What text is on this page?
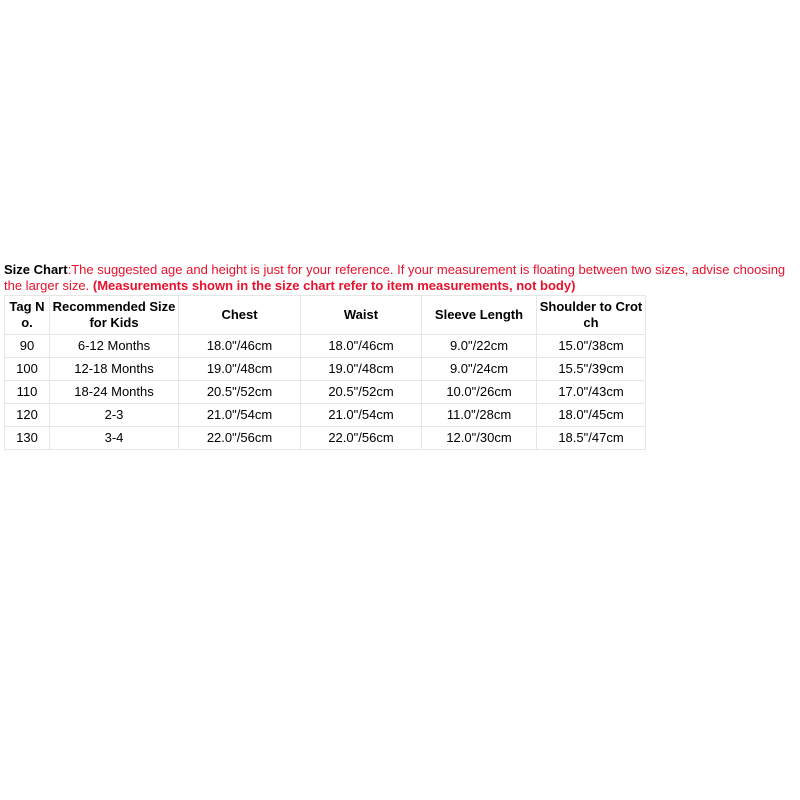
Size Chart:The suggested age and height is just for your reference. If your measurement is floating between two sizes, advise choosing the larger size. (Measurements shown in the size chart refer to item measurements, not body)

Tag No.	Recommended Size for Kids	Chest	Waist	Sleeve Length	Shoulder to Crotch
90	6-12 Months	18.0"/46cm	18.0"/46cm	9.0"/22cm	15.0"/38cm
100	12-18 Months	19.0"/48cm	19.0"/48cm	9.0"/24cm	15.5"/39cm
110	18-24 Months	20.5"/52cm	20.5"/52cm	10.0"/26cm	17.0"/43cm
120	2-3	21.0"/54cm	21.0"/54cm	11.0"/28cm	18.0"/45cm
130	3-4	22.0"/56cm	22.0"/56cm	12.0"/30cm	18.5"/47cm
